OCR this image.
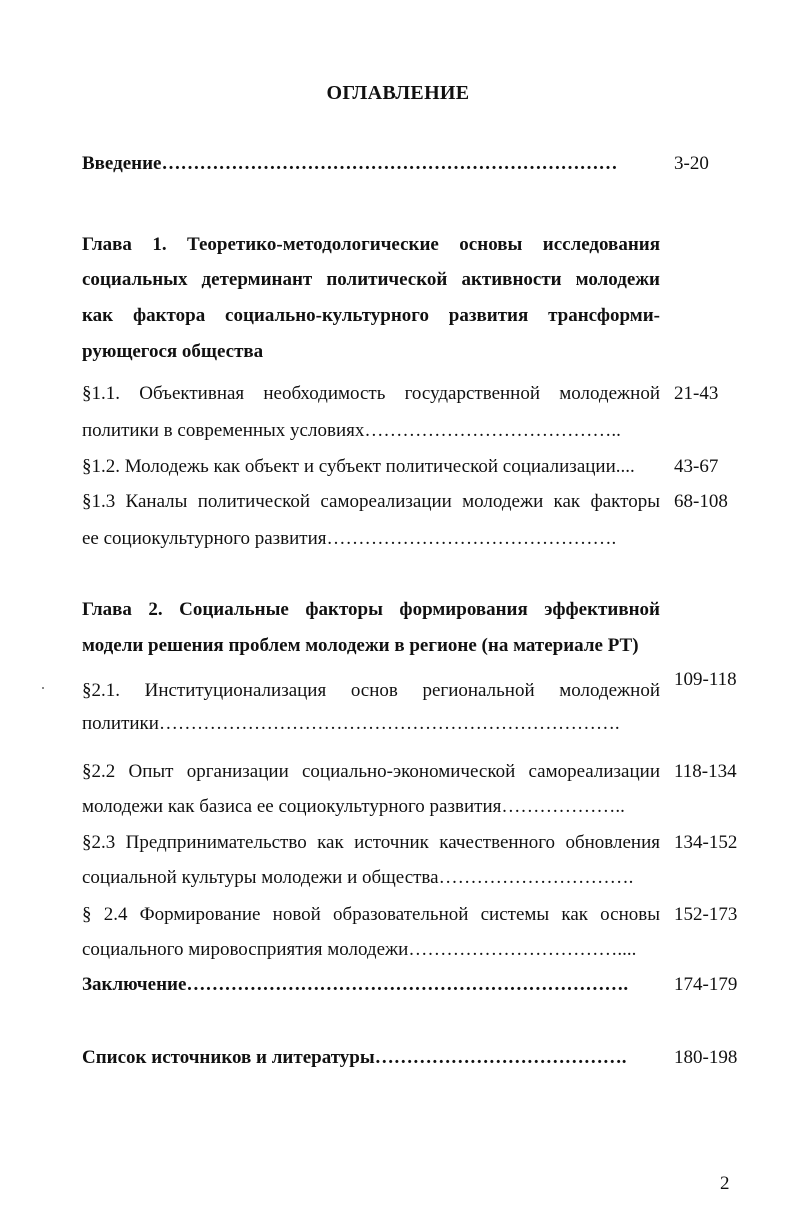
ОГЛАВЛЕНИЕ
Введение………………………………………………………………	3-20
Глава 1. Теоретико-методологические основы исследования
социальных детерминант политической активности молодежи
как фактора социально-культурного развития трансформи-
рующегося общества
§1.1. Объективная необходимость государственной молодежной
политики в современных условиях…………………………………..
21-43
§1.2. Молодежь как объект и субъект политической социализации....	43-67
§1.3 Каналы политической самореализации молодежи как факторы
ее социокультурного развития……………………………………….
68-108
Глава 2. Социальные факторы формирования эффективной
модели решения проблем молодежи в регионе (на материале РТ)
§2.1. Институционализация основ региональной молодежной
политики……………………………………………………………….
109-118
§2.2 Опыт организации социально-экономической самореализации
молодежи как базиса ее социокультурного развития………………..
118-134
§2.3 Предпринимательство как источник качественного обновления
социальной культуры молодежи и общества………………………….
134-152
§ 2.4 Формирование новой образовательной системы как основы
социального мировосприятия молодежи……………………………....
152-173
Заключение…………………………………………………………….	174-179
Список источников и литературы………………………………….	180-198
2
